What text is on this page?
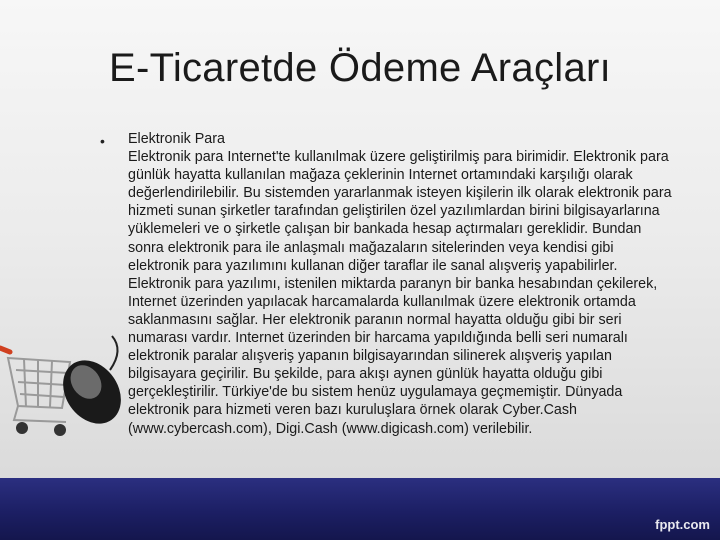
E-Ticaretde Ödeme Araçları
• Elektronik Para
Elektronik para Internet'te kullanılmak üzere geliştirilmiş para birimidir. Elektronik para günlük hayatta kullanılan mağaza çeklerinin Internet ortamındaki karşılığı olarak değerlendirilebilir. Bu sistemden yararlanmak isteyen kişilerin ilk olarak elektronik para hizmeti sunan şirketler tarafından geliştirilen özel yazılımlardan birini bilgisayarlarına yüklemeleri ve o şirketle çalışan bir bankada hesap açtırmaları gereklidir. Bundan sonra elektronik para ile anlaşmalı mağazaların sitelerinden veya kendisi gibi elektronik para yazılımını kullanan diğer taraflar ile sanal alışveriş yapabilirler. Elektronik para yazılımı, istenilen miktarda paranyn bir banka hesabından çekilerek, Internet üzerinden yapılacak harcamalarda kullanılmak üzere elektronik ortamda saklanmasını sağlar. Her elektronik paranın normal hayatta olduğu gibi bir seri numarası vardır. Internet üzerinden bir harcama yapıldığında belli seri numaralı elektronik paralar alışveriş yapanın bilgisayarından silinerek alışveriş yapılan bilgisayara geçirilir. Bu şekilde, para akışı aynen günlük hayatta olduğu gibi gerçekleştirilir. Türkiye'de bu sistem henüz uygulamaya geçmemiştir. Dünyada elektronik para hizmeti veren bazı kuruluşlara örnek olarak Cyber.Cash (www.cybercash.com), Digi.Cash (www.digicash.com) verilebilir.
fppt.com
